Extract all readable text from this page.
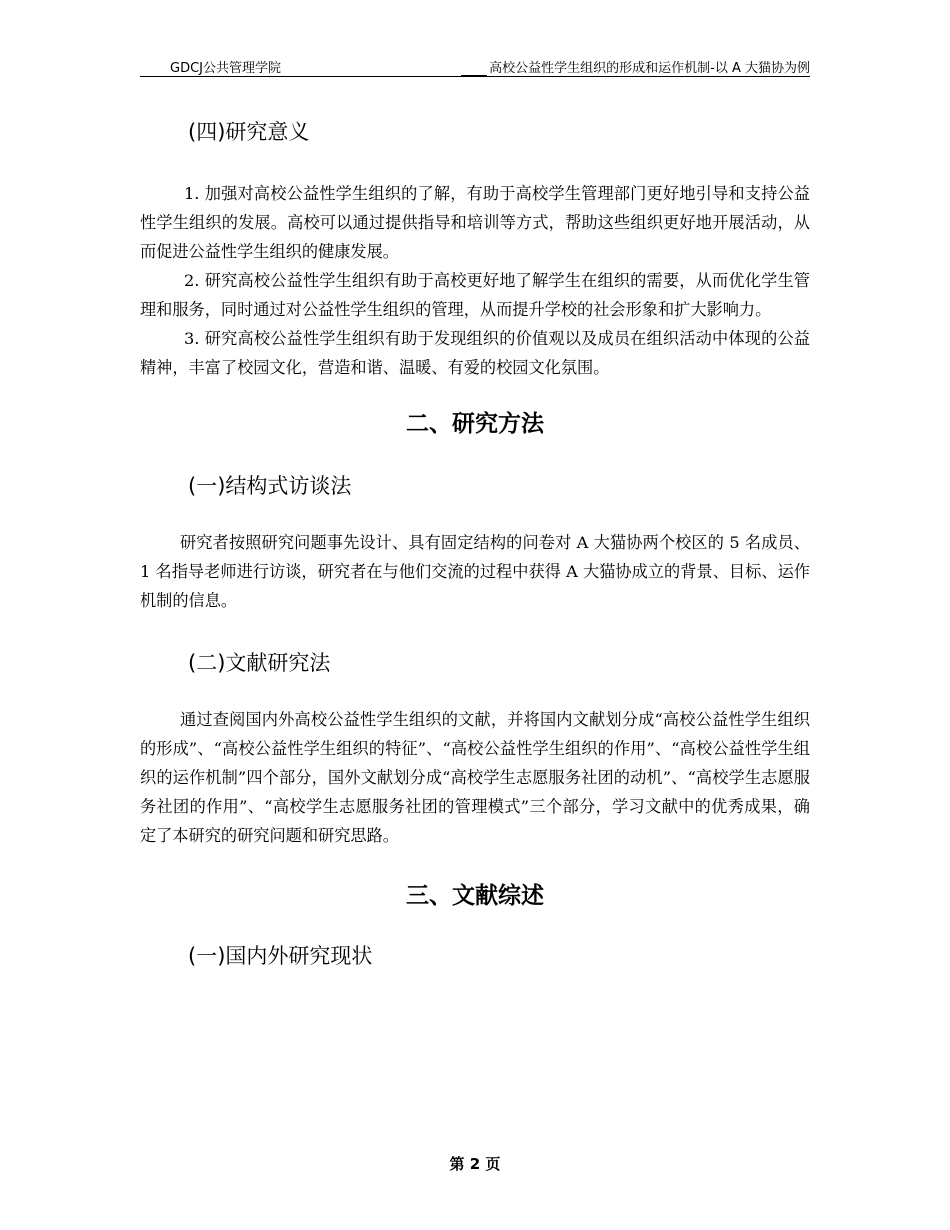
GDCJ公共管理学院	高校公益性学生组织的形成和运作机制-以 A 大猫协为例
(四)研究意义

1. 加强对高校公益性学生组织的了解，有助于高校学生管理部门更好地引导和支持公益性学生组织的发展。高校可以通过提供指导和培训等方式，帮助这些组织更好地开展活动，从而促进公益性学生组织的健康发展。

2. 研究高校公益性学生组织有助于高校更好地了解学生在组织的需要，从而优化学生管理和服务，同时通过对公益性学生组织的管理，从而提升学校的社会形象和扩大影响力。

3. 研究高校公益性学生组织有助于发现组织的价值观以及成员在组织活动中体现的公益精神，丰富了校园文化，营造和谐、温暖、有爱的校园文化氛围。

二、研究方法
(一)结构式访谈法

研究者按照研究问题事先设计、具有固定结构的问卷对 A 大猫协两个校区的 5 名成员、1 名指导老师进行访谈，研究者在与他们交流的过程中获得 A 大猫协成立的背景、目标、运作机制的信息。

(二)文献研究法

通过查阅国内外高校公益性学生组织的文献，并将国内文献划分成“高校公益性学生组织的形成”、“高校公益性学生组织的特征”、“高校公益性学生组织的作用”、“高校公益性学生组织的运作机制”四个部分，国外文献划分成“高校学生志愿服务社团的动机”、“高校学生志愿服务社团的作用”、“高校学生志愿服务社团的管理模式”三个部分，学习文献中的优秀成果，确定了本研究的研究问题和研究思路。

三、文献综述
(一)国内外研究现状
第 2 页
